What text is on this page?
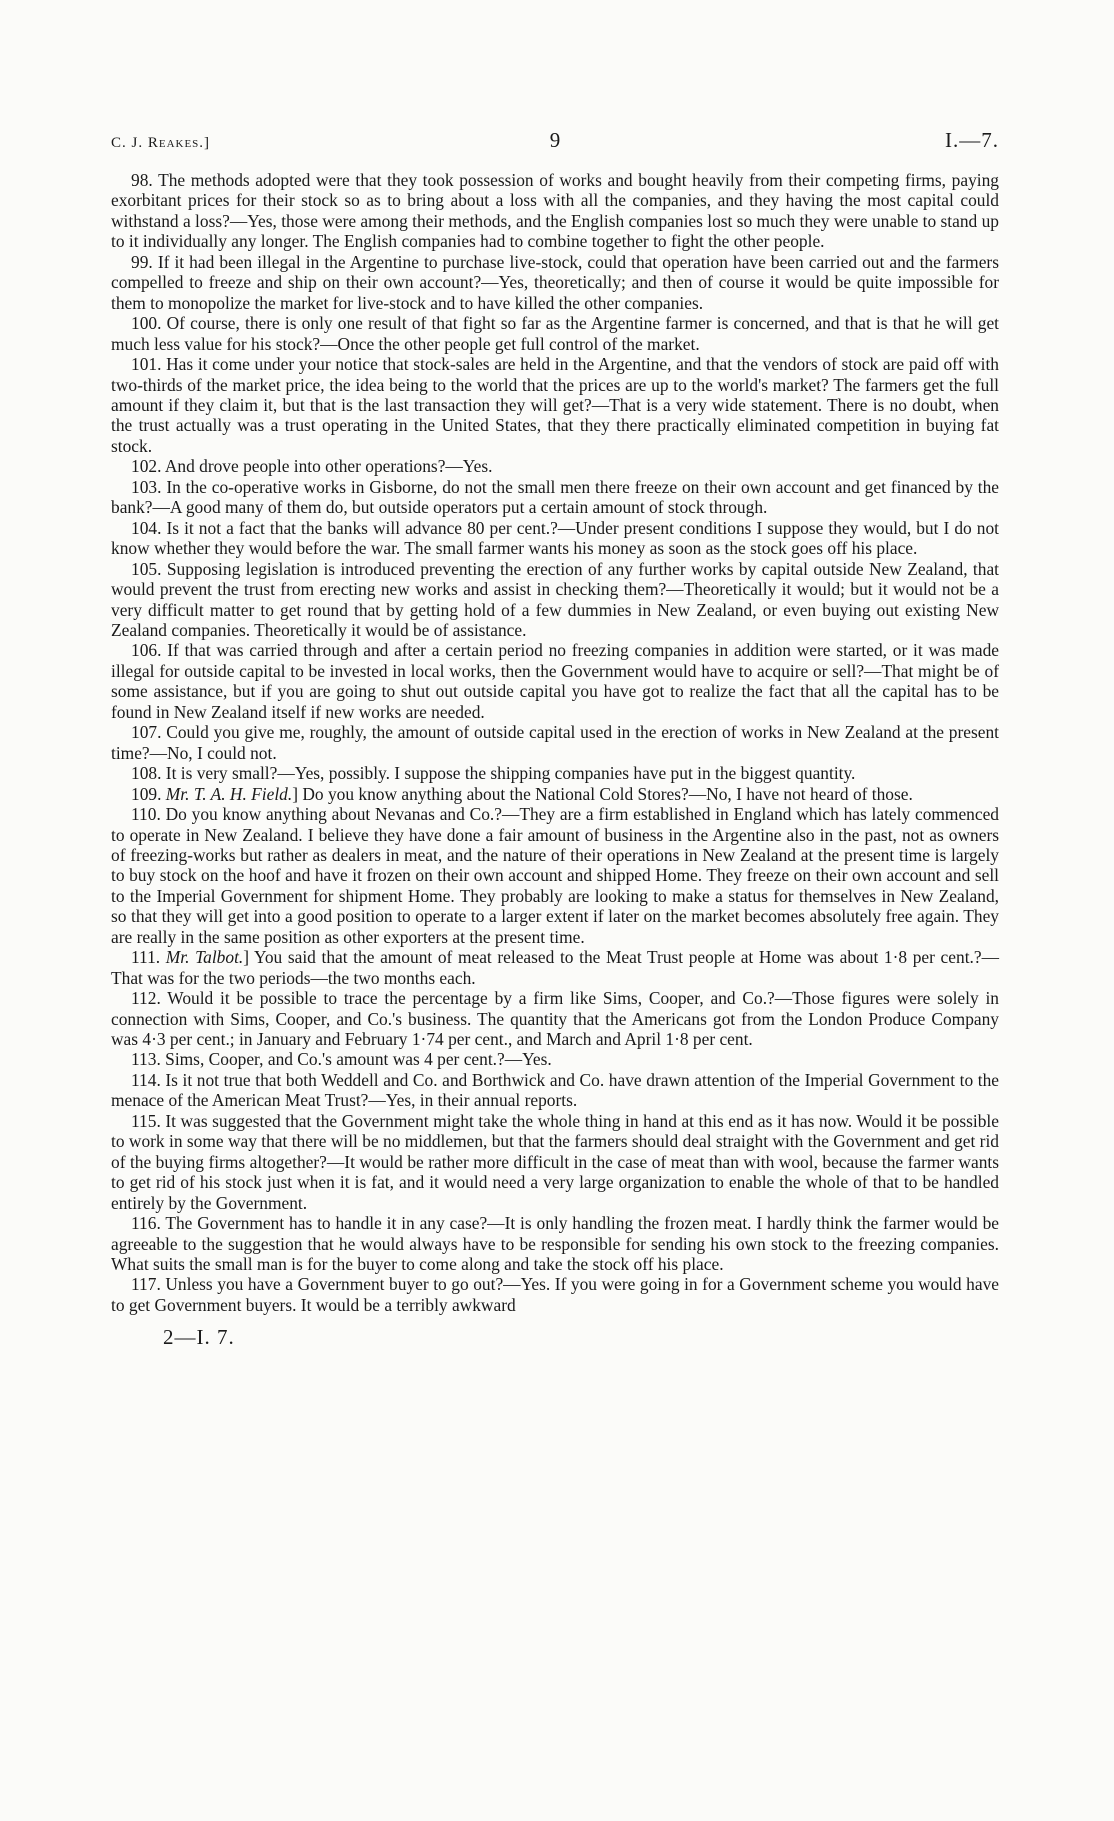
C. J. Reakes.]	9	I.—7.

98. The methods adopted were that they took possession of works and bought heavily from their competing firms, paying exorbitant prices for their stock so as to bring about a loss with all the companies, and they having the most capital could withstand a loss?—Yes, those were among their methods, and the English companies lost so much they were unable to stand up to it individually any longer. The English companies had to combine together to fight the other people.

99. If it had been illegal in the Argentine to purchase live-stock, could that operation have been carried out and the farmers compelled to freeze and ship on their own account?—Yes, theoretically; and then of course it would be quite impossible for them to monopolize the market for live-stock and to have killed the other companies.

100. Of course, there is only one result of that fight so far as the Argentine farmer is concerned, and that is that he will get much less value for his stock?—Once the other people get full control of the market.

101. Has it come under your notice that stock-sales are held in the Argentine, and that the vendors of stock are paid off with two-thirds of the market price, the idea being to the world that the prices are up to the world's market? The farmers get the full amount if they claim it, but that is the last transaction they will get?—That is a very wide statement. There is no doubt, when the trust actually was a trust operating in the United States, that they there practically eliminated competition in buying fat stock.

102. And drove people into other operations?—Yes.

103. In the co-operative works in Gisborne, do not the small men there freeze on their own account and get financed by the bank?—A good many of them do, but outside operators put a certain amount of stock through.

104. Is it not a fact that the banks will advance 80 per cent.?—Under present conditions I suppose they would, but I do not know whether they would before the war. The small farmer wants his money as soon as the stock goes off his place.

105. Supposing legislation is introduced preventing the erection of any further works by capital outside New Zealand, that would prevent the trust from erecting new works and assist in checking them?—Theoretically it would; but it would not be a very difficult matter to get round that by getting hold of a few dummies in New Zealand, or even buying out existing New Zealand companies. Theoretically it would be of assistance.

106. If that was carried through and after a certain period no freezing companies in addition were started, or it was made illegal for outside capital to be invested in local works, then the Government would have to acquire or sell?—That might be of some assistance, but if you are going to shut out outside capital you have got to realize the fact that all the capital has to be found in New Zealand itself if new works are needed.

107. Could you give me, roughly, the amount of outside capital used in the erection of works in New Zealand at the present time?—No, I could not.

108. It is very small?—Yes, possibly. I suppose the shipping companies have put in the biggest quantity.

109. Mr. T. A. H. Field.] Do you know anything about the National Cold Stores?—No, I have not heard of those.

110. Do you know anything about Nevanas and Co.?—They are a firm established in England which has lately commenced to operate in New Zealand. I believe they have done a fair amount of business in the Argentine also in the past, not as owners of freezing-works but rather as dealers in meat, and the nature of their operations in New Zealand at the present time is largely to buy stock on the hoof and have it frozen on their own account and shipped Home. They freeze on their own account and sell to the Imperial Government for shipment Home. They probably are looking to make a status for themselves in New Zealand, so that they will get into a good position to operate to a larger extent if later on the market becomes absolutely free again. They are really in the same position as other exporters at the present time.

111. Mr. Talbot.] You said that the amount of meat released to the Meat Trust people at Home was about 1·8 per cent.?—That was for the two periods—the two months each.

112. Would it be possible to trace the percentage by a firm like Sims, Cooper, and Co.?—Those figures were solely in connection with Sims, Cooper, and Co.'s business. The quantity that the Americans got from the London Produce Company was 4·3 per cent.; in January and February 1·74 per cent., and March and April 1·8 per cent.

113. Sims, Cooper, and Co.'s amount was 4 per cent.?—Yes.

114. Is it not true that both Weddell and Co. and Borthwick and Co. have drawn attention of the Imperial Government to the menace of the American Meat Trust?—Yes, in their annual reports.

115. It was suggested that the Government might take the whole thing in hand at this end as it has now. Would it be possible to work in some way that there will be no middlemen, but that the farmers should deal straight with the Government and get rid of the buying firms altogether?—It would be rather more difficult in the case of meat than with wool, because the farmer wants to get rid of his stock just when it is fat, and it would need a very large organization to enable the whole of that to be handled entirely by the Government.

116. The Government has to handle it in any case?—It is only handling the frozen meat. I hardly think the farmer would be agreeable to the suggestion that he would always have to be responsible for sending his own stock to the freezing companies. What suits the small man is for the buyer to come along and take the stock off his place.

117. Unless you have a Government buyer to go out?—Yes. If you were going in for a Government scheme you would have to get Government buyers. It would be a terribly awkward

2—I. 7.
